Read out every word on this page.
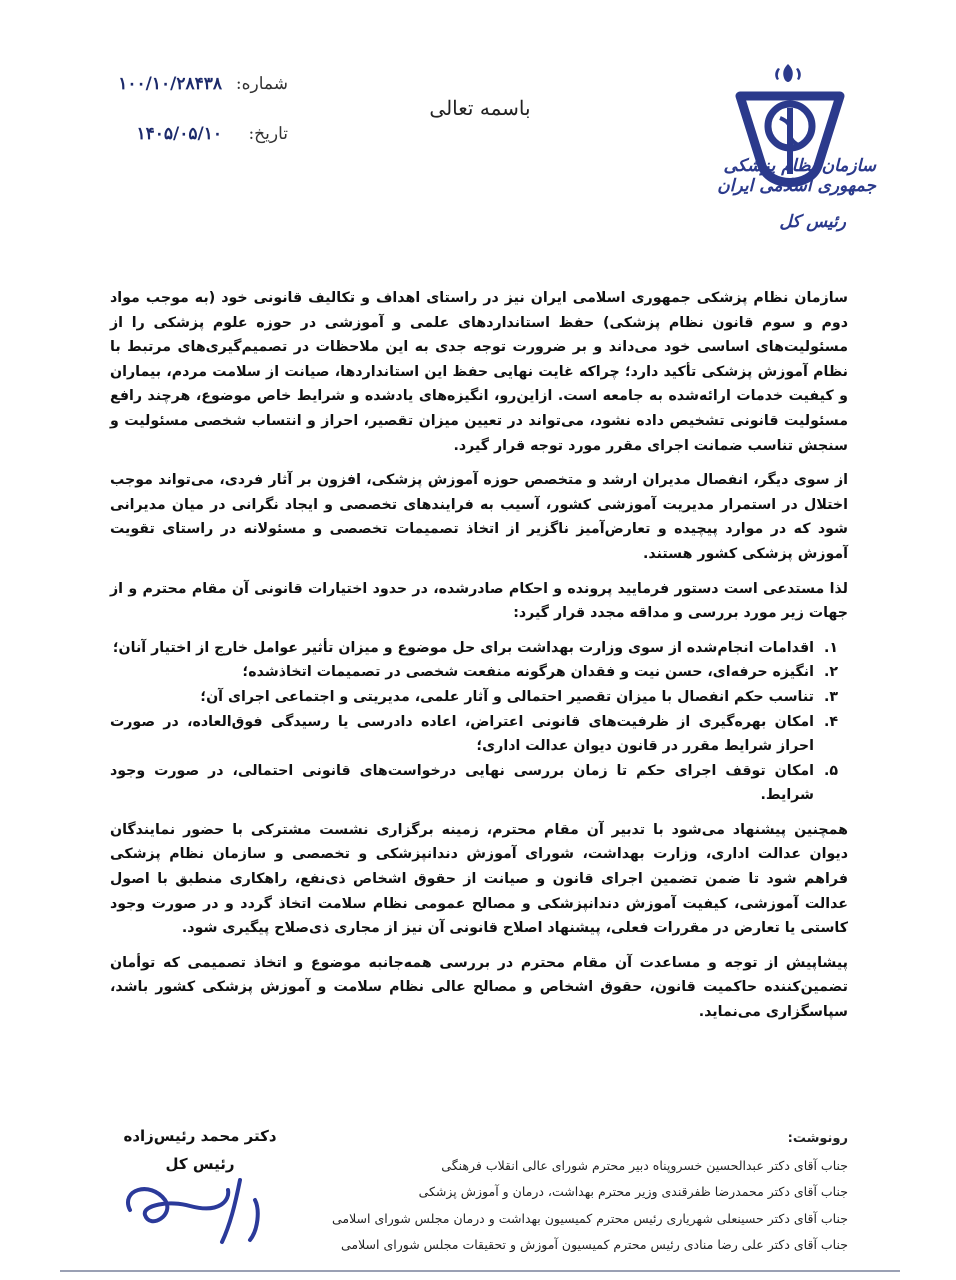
شماره:
۱۰۰/۱۰/۲۸۴۳۸
تاریخ:
۱۴۰۵/۰۵/۱۰
باسمه تعالی
سازمان نظام پزشکی جمهوری اسلامی ایران
رئیس کل

سازمان نظام پزشکی جمهوری اسلامی ایران نیز در راستای اهداف و تکالیف قانونی خود (به موجب مواد دوم و سوم قانون نظام پزشکی) حفظ استانداردهای علمی و آموزشی در حوزه علوم پزشکی را از مسئولیت‌های اساسی خود می‌داند و بر ضرورت توجه جدی به این ملاحظات در تصمیم‌گیری‌های مرتبط با نظام آموزش پزشکی تأکید دارد؛ چراکه غایت نهایی حفظ این استانداردها، صیانت از سلامت مردم، بیماران و کیفیت خدمات ارائه‌شده به جامعه است. ازاین‌رو، انگیزه‌های یادشده و شرایط خاص موضوع، هرچند رافع مسئولیت قانونی تشخیص داده نشود، می‌تواند در تعیین میزان تقصیر، احراز و انتساب شخصی مسئولیت و سنجش تناسب ضمانت اجرای مقرر مورد توجه قرار گیرد.

از سوی دیگر، انفصال مدیران ارشد و متخصص حوزه آموزش پزشکی، افزون بر آثار فردی، می‌تواند موجب اختلال در استمرار مدیریت آموزشی کشور، آسیب به فرایندهای تخصصی و ایجاد نگرانی در میان مدیرانی شود که در موارد پیچیده و تعارض‌آمیز ناگزیر از اتخاذ تصمیمات تخصصی و مسئولانه در راستای تقویت آموزش پزشکی کشور هستند.

لذا مستدعی است دستور فرمایید پرونده و احکام صادرشده، در حدود اختیارات قانونی آن مقام محترم و از جهات زیر مورد بررسی و مداقه مجدد قرار گیرد:

۱.
اقدامات انجام‌شده از سوی وزارت بهداشت برای حل موضوع و میزان تأثیر عوامل خارج از اختیار آنان؛
۲.
انگیزه حرفه‌ای، حسن نیت و فقدان هرگونه منفعت شخصی در تصمیمات اتخاذشده؛
۳.
تناسب حکم انفصال با میزان تقصیر احتمالی و آثار علمی، مدیریتی و اجتماعی اجرای آن؛
۴.
امکان بهره‌گیری از ظرفیت‌های قانونی اعتراض، اعاده دادرسی یا رسیدگی فوق‌العاده، در صورت احراز شرایط مقرر در قانون دیوان عدالت اداری؛
۵.
امکان توقف اجرای حکم تا زمان بررسی نهایی درخواست‌های قانونی احتمالی، در صورت وجود شرایط.

همچنین پیشنهاد می‌شود با تدبیر آن مقام محترم، زمینه برگزاری نشست مشترکی با حضور نمایندگان دیوان عدالت اداری، وزارت بهداشت، شورای آموزش دندانپزشکی و تخصصی و سازمان نظام پزشکی فراهم شود تا ضمن تضمین اجرای قانون و صیانت از حقوق اشخاص ذی‌نفع، راهکاری منطبق با اصول عدالت آموزشی، کیفیت آموزش دندانپزشکی و مصالح عمومی نظام سلامت اتخاذ گردد و در صورت وجود کاستی یا تعارض در مقررات فعلی، پیشنهاد اصلاح قانونی آن نیز از مجاری ذی‌صلاح پیگیری شود.

پیشاپیش از توجه و مساعدت آن مقام محترم در بررسی همه‌جانبه موضوع و اتخاذ تصمیمی که توأمان تضمین‌کننده حاکمیت قانون، حقوق اشخاص و مصالح عالی نظام سلامت و آموزش پزشکی کشور باشد، سپاسگزاری می‌نماید.

دکتر محمد رئیس‌زاده
رئیس کل
رونوشت:
جناب آقای دکتر عبدالحسین خسروپناه دبیر محترم شورای عالی انقلاب فرهنگی
جناب آقای دکتر محمدرضا ظفرقندی وزیر محترم بهداشت، درمان و آموزش پزشکی
جناب آقای دکتر حسینعلی شهریاری رئیس محترم کمیسیون بهداشت و درمان مجلس شورای اسلامی
جناب آقای دکتر علی رضا منادی رئیس محترم کمیسیون آموزش و تحقیقات مجلس شورای اسلامی
